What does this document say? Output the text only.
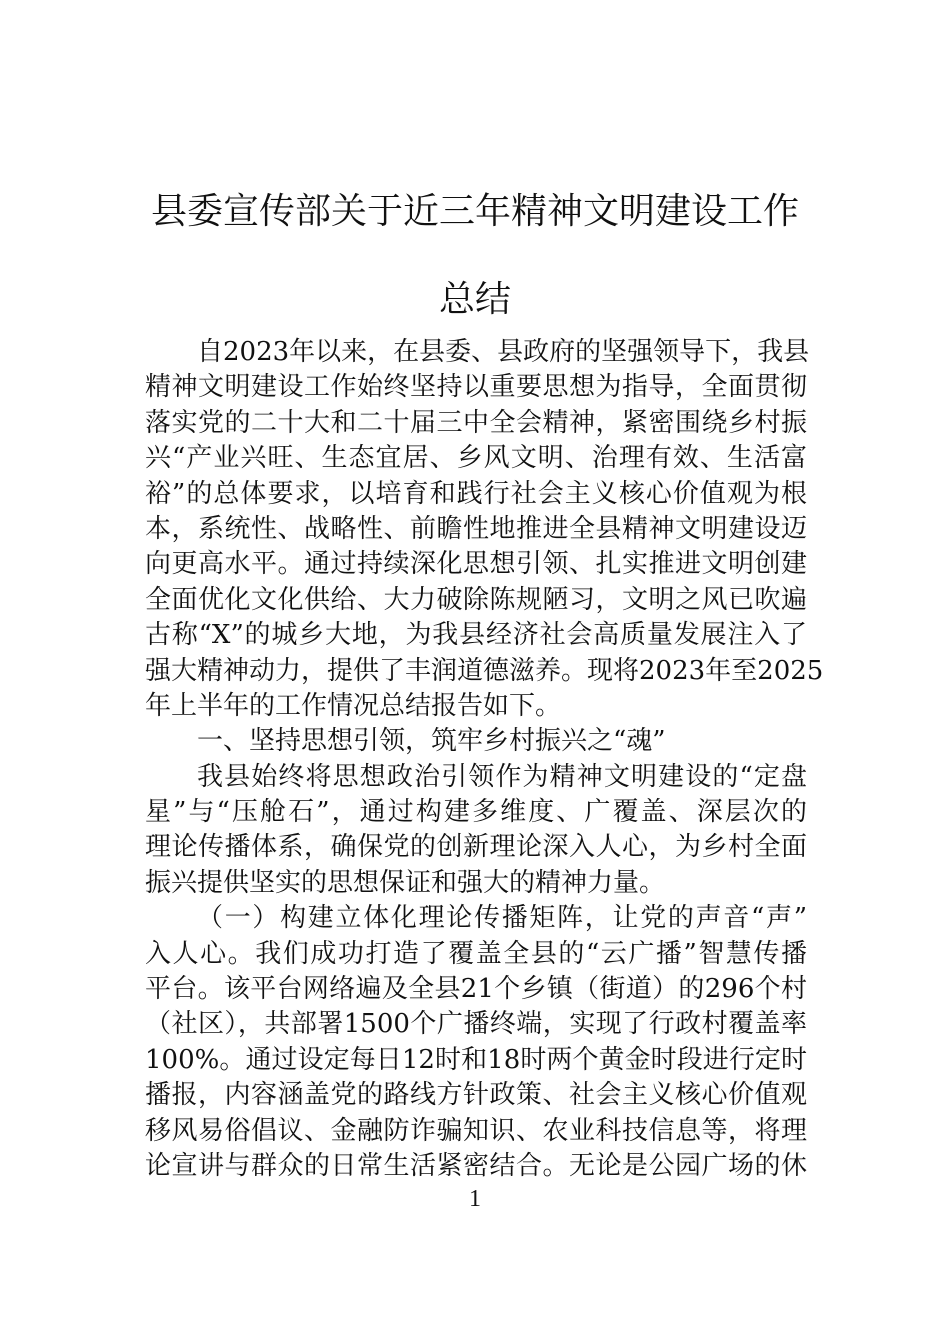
县委宣传部关于近三年精神文明建设工作
总结
自2023年以来，在县委、县政府的坚强领导下，我县
精神文明建设工作始终坚持以重要思想为指导，全面贯彻
落实党的二十大和二十届三中全会精神，紧密围绕乡村振
兴“产业兴旺、生态宜居、乡风文明、治理有效、生活富
裕”的总体要求，以培育和践行社会主义核心价值观为根
本，系统性、战略性、前瞻性地推进全县精神文明建设迈
向更高水平。通过持续深化思想引领、扎实推进文明创建
全面优化文化供给、大力破除陈规陋习，文明之风已吹遍
古称“X”的城乡大地，为我县经济社会高质量发展注入了
强大精神动力，提供了丰润道德滋养。现将2023年至2025
年上半年的工作情况总结报告如下。
一、坚持思想引领，筑牢乡村振兴之“魂”
我县始终将思想政治引领作为精神文明建设的“定盘
星”与“压舱石”，通过构建多维度、广覆盖、深层次的
理论传播体系，确保党的创新理论深入人心，为乡村全面
振兴提供坚实的思想保证和强大的精神力量。
（一）构建立体化理论传播矩阵，让党的声音“声”
入人心。我们成功打造了覆盖全县的“云广播”智慧传播
平台。该平台网络遍及全县21个乡镇（街道）的296个村
（社区），共部署1500个广播终端，实现了行政村覆盖率
100%。通过设定每日12时和18时两个黄金时段进行定时
播报，内容涵盖党的路线方针政策、社会主义核心价值观
移风易俗倡议、金融防诈骗知识、农业科技信息等，将理
论宣讲与群众的日常生活紧密结合。无论是公园广场的休
1
